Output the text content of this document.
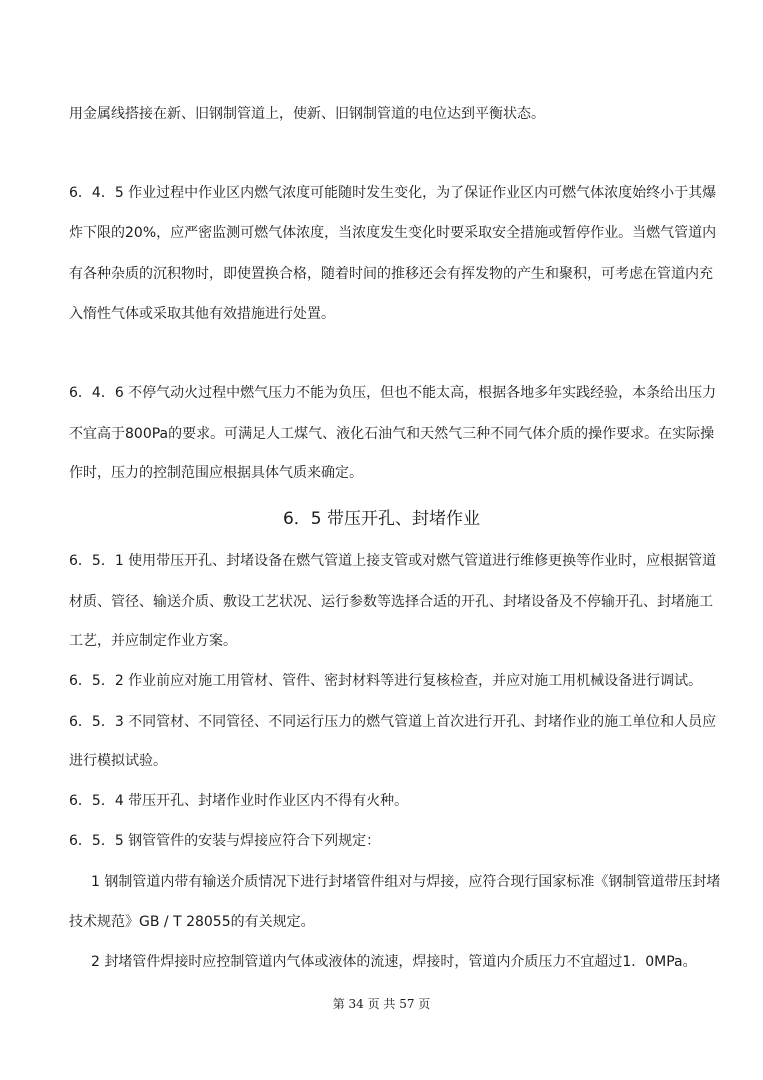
用金属线搭接在新、旧钢制管道上，使新、旧钢制管道的电位达到平衡状态。
6．4．5 作业过程中作业区内燃气浓度可能随时发生变化，为了保证作业区内可燃气体浓度始终小于其爆
炸下限的20%，应严密监测可燃气体浓度，当浓度发生变化时要采取安全措施或暂停作业。当燃气管道内
有各种杂质的沉积物时，即使置换合格，随着时间的推移还会有挥发物的产生和聚积，可考虑在管道内充
入惰性气体或采取其他有效措施进行处置。
6．4．6 不停气动火过程中燃气压力不能为负压，但也不能太高，根据各地多年实践经验，本条给出压力
不宜高于800Pa的要求。可满足人工煤气、液化石油气和天然气三种不同气体介质的操作要求。在实际操
作时，压力的控制范围应根据具体气质来确定。
6．5 带压开孔、封堵作业
6．5．1 使用带压开孔、封堵设备在燃气管道上接支管或对燃气管道进行维修更换等作业时，应根据管道
材质、管径、输送介质、敷设工艺状况、运行参数等选择合适的开孔、封堵设备及不停输开孔、封堵施工
工艺，并应制定作业方案。
6．5．2 作业前应对施工用管材、管件、密封材料等进行复核检查，并应对施工用机械设备进行调试。
6．5．3 不同管材、不同管径、不同运行压力的燃气管道上首次进行开孔、封堵作业的施工单位和人员应
进行模拟试验。
6．5．4 带压开孔、封堵作业时作业区内不得有火种。
6．5．5 钢管管件的安装与焊接应符合下列规定：
1 钢制管道内带有输送介质情况下进行封堵管件组对与焊接，应符合现行国家标准《钢制管道带压封堵
技术规范》GB / T 28055的有关规定。
2 封堵管件焊接时应控制管道内气体或液体的流速，焊接时，管道内介质压力不宜超过1．0MPa。
第 34 页 共 57 页
